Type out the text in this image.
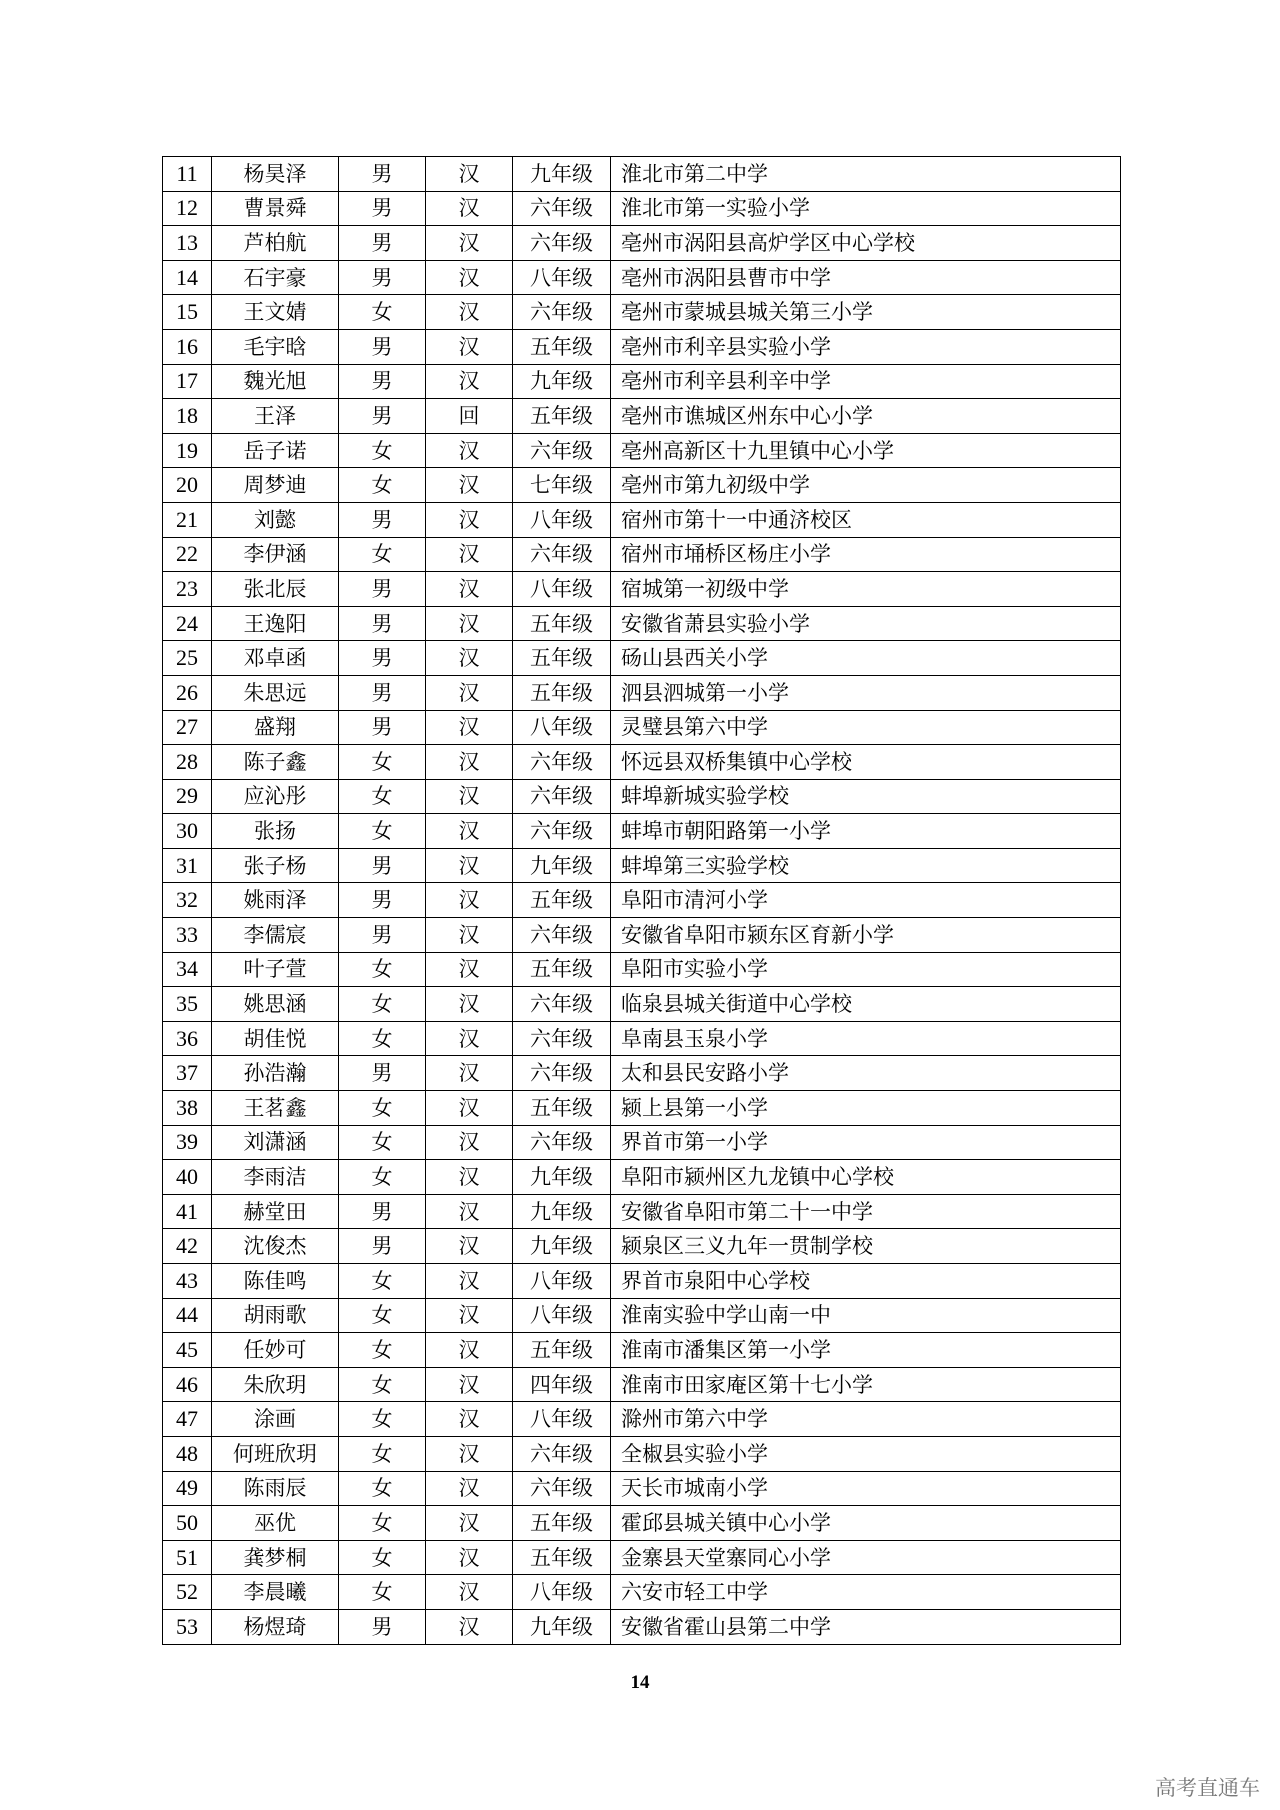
11	杨昊泽	男	汉	九年级	淮北市第二中学
12	曹景舜	男	汉	六年级	淮北市第一实验小学
13	芦柏航	男	汉	六年级	亳州市涡阳县高炉学区中心学校
14	石宇豪	男	汉	八年级	亳州市涡阳县曹市中学
15	王文婧	女	汉	六年级	亳州市蒙城县城关第三小学
16	毛宇晗	男	汉	五年级	亳州市利辛县实验小学
17	魏光旭	男	汉	九年级	亳州市利辛县利辛中学
18	王泽	男	回	五年级	亳州市谯城区州东中心小学
19	岳子诺	女	汉	六年级	亳州高新区十九里镇中心小学
20	周梦迪	女	汉	七年级	亳州市第九初级中学
21	刘懿	男	汉	八年级	宿州市第十一中通济校区
22	李伊涵	女	汉	六年级	宿州市埇桥区杨庄小学
23	张北辰	男	汉	八年级	宿城第一初级中学
24	王逸阳	男	汉	五年级	安徽省萧县实验小学
25	邓卓函	男	汉	五年级	砀山县西关小学
26	朱思远	男	汉	五年级	泗县泗城第一小学
27	盛翔	男	汉	八年级	灵璧县第六中学
28	陈子鑫	女	汉	六年级	怀远县双桥集镇中心学校
29	应沁彤	女	汉	六年级	蚌埠新城实验学校
30	张扬	女	汉	六年级	蚌埠市朝阳路第一小学
31	张子杨	男	汉	九年级	蚌埠第三实验学校
32	姚雨泽	男	汉	五年级	阜阳市清河小学
33	李儒宸	男	汉	六年级	安徽省阜阳市颍东区育新小学
34	叶子萱	女	汉	五年级	阜阳市实验小学
35	姚思涵	女	汉	六年级	临泉县城关街道中心学校
36	胡佳悦	女	汉	六年级	阜南县玉泉小学
37	孙浩瀚	男	汉	六年级	太和县民安路小学
38	王茗鑫	女	汉	五年级	颍上县第一小学
39	刘潇涵	女	汉	六年级	界首市第一小学
40	李雨洁	女	汉	九年级	阜阳市颍州区九龙镇中心学校
41	赫堂田	男	汉	九年级	安徽省阜阳市第二十一中学
42	沈俊杰	男	汉	九年级	颍泉区三义九年一贯制学校
43	陈佳鸣	女	汉	八年级	界首市泉阳中心学校
44	胡雨歌	女	汉	八年级	淮南实验中学山南一中
45	任妙可	女	汉	五年级	淮南市潘集区第一小学
46	朱欣玥	女	汉	四年级	淮南市田家庵区第十七小学
47	涂画	女	汉	八年级	滁州市第六中学
48	何班欣玥	女	汉	六年级	全椒县实验小学
49	陈雨辰	女	汉	六年级	天长市城南小学
50	巫优	女	汉	五年级	霍邱县城关镇中心小学
51	龚梦桐	女	汉	五年级	金寨县天堂寨同心小学
52	李晨曦	女	汉	八年级	六安市轻工中学
53	杨煜琦	男	汉	九年级	安徽省霍山县第二中学
14
高考直通车
